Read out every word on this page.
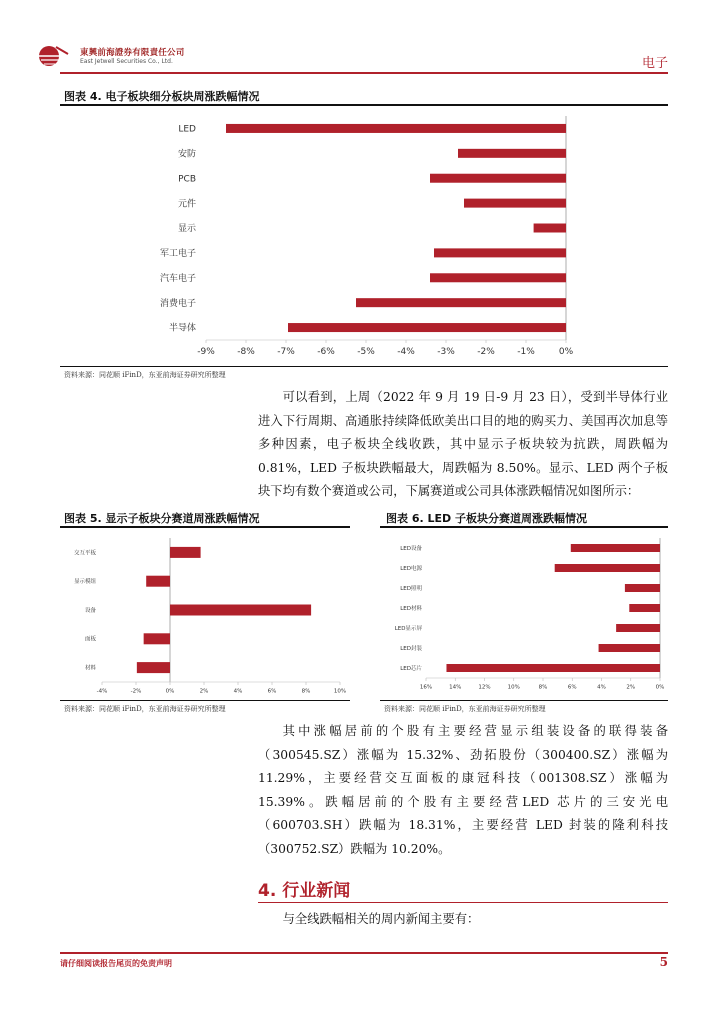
東興前海證券有限責任公司
East Jetwell Securities Co., Ltd.	电子
图表 4. 电子板块细分板块周涨跌幅情况
LED
安防
PCB
元件
显示
军工电子
汽车电子
消费电子
半导体
-9% -8% -7% -6% -5% -4% -3% -2% -1%	0%
资料来源：同花顺 iFinD，东亚前海证券研究所整理

可以看到，上周（2022 年 9 月 19 日-9 月 23 日），受到半导体行业进入下行周期、高通胀持续降低欧美出口目的地的购买力、美国再次加息等多种因素，电子板块全线收跌，其中显示子板块较为抗跌，周跌幅为 0.81%，LED 子板块跌幅最大，周跌幅为 8.50%。显示、LED 两个子板块下均有数个赛道或公司，下属赛道或公司具体涨跌幅情况如图所示：

图表 5. 显示子板块分赛道周涨跌幅情况
交互平板
显示模组
设备
面板
材料
-4%	-2%	0%	2%	4%	6%	8%	10%
资料来源：同花顺 iFinD，东亚前海证券研究所整理
图表 6. LED 子板块分赛道周涨跌幅情况
LED设备
LED电源
LED照明
LED材料
LED显示屏
LED封装
LED芯片
16%	14%	12%	10%	8%	6%	4%	2%	0%
资料来源：同花顺 iFinD，东亚前海证券研究所整理

其中涨幅居前的个股有主要经营显示组装设备的联得装备（300545.SZ）涨幅为 15.32%、劲拓股份（300400.SZ）涨幅为 11.29%，主要经营交互面板的康冠科技（001308.SZ）涨幅为 15.39%。跌幅居前的个股有主要经营LED 芯片的三安光电（600703.SH）跌幅为 18.31%，主要经营 LED 封装的隆利科技（300752.SZ）跌幅为 10.20%。

4. 行业新闻

与全线跌幅相关的周内新闻主要有：

请仔细阅读报告尾页的免责声明	5
